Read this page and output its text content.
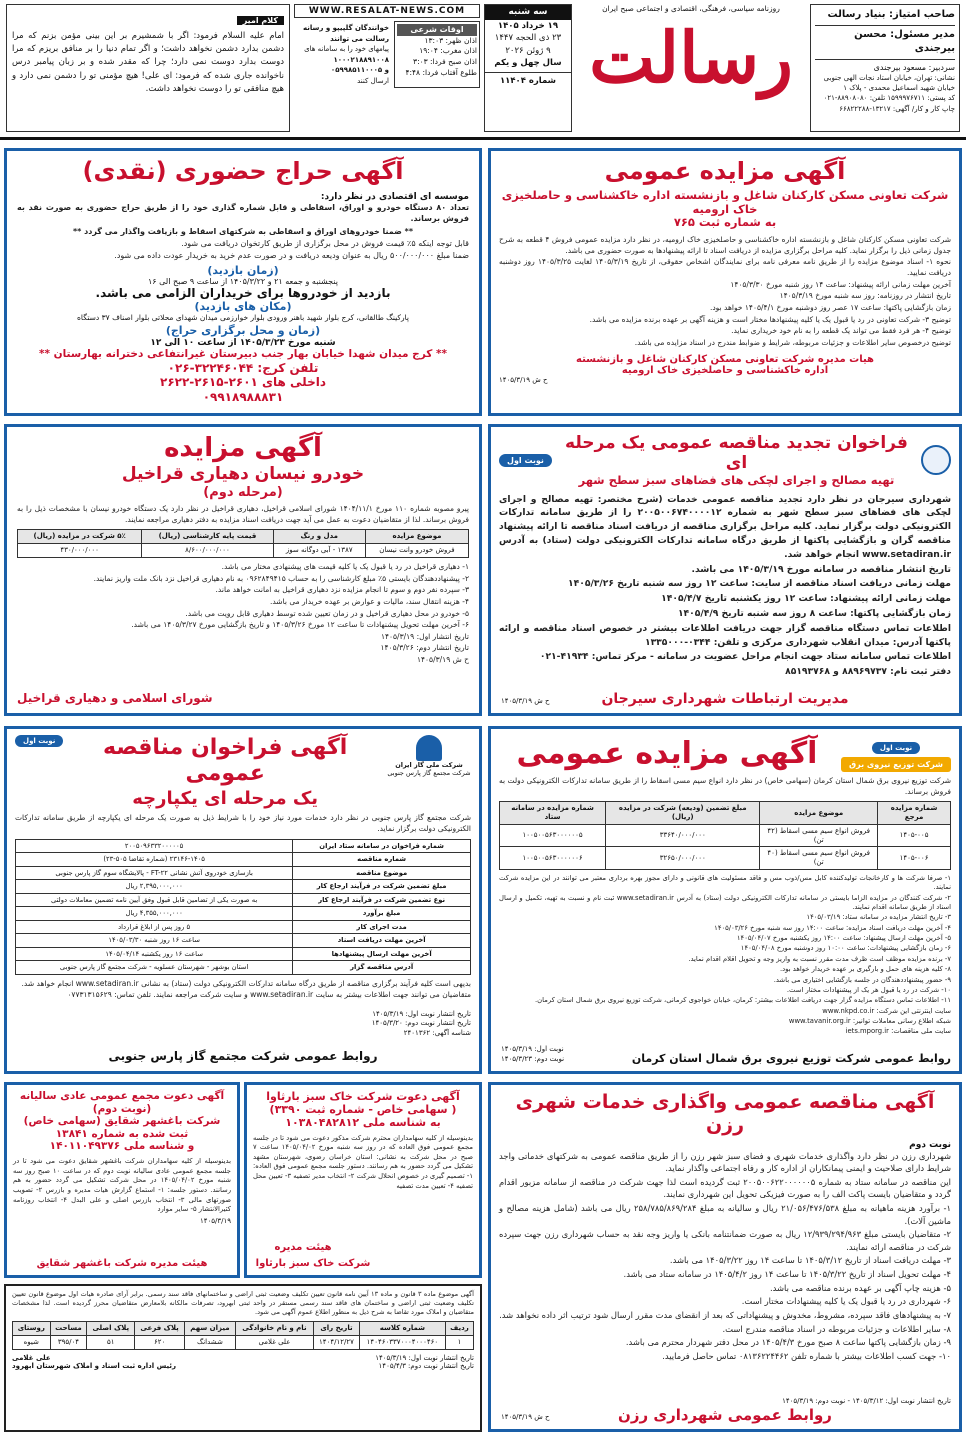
صاحب امتیاز: بنیاد رسالت
مدیر مسئول: محسن بیرجندی
سردبیر: مسعود بیرجندی
نشانی: تهران، خیابان استاد نجات الهی جنوبی
خیابان شهید اسماعیل محمدی - پلاک ۱
کد پستی: ۱۵۹۹۹۷۶۷۱۱ تلفن: ۸۸۹۰۸۰۸۰-۰۲۱
چاپ کار و کار/ آگهی: ۱۳۲۱۷-۶۶۸۲۲۲۸۸
روزنامه سیاسی، فرهنگی، اقتصادی و اجتماعی صبح ایران
رسالت
سه شنبه
۱۹ خرداد ۱۴۰۵
۲۳ ذی الحجه ۱۴۴۷
۹ ژوئن ۲۰۲۶
سال چهل و یکم
شماره ۱۱۴۰۴
WWW.RESALAT-NEWS.COM
اوقات شرعی
اذان ظهر: ۱۳:۰۳
اذان مغرب: ۱۹:۰۴
اذان صبح فردا: ۳:۰۳
طلوع آفتاب فردا: ۴:۴۸
خوانندگان گلپیپو و رسانه رسالت می توانند
پیامهای خود را به سامانه های
۱۰۰۰۲۱۸۸۹۱۰۰۸
و ۰۵۹۹۸۵۱۱۰۰۰۵
ارسال کنند
کلام امیر
امام علیه السلام فرمود: اگر با شمشیرم بر این بینی مؤمن بزنم که مرا دشمن بدارد دشمن نخواهد داشت؛ و اگر تمام دنیا را بر منافق بریزم که مرا دوست بدارد دوست نمی دارد؛ چرا که مقدر شده و بر زبان پیامبر درس ناخوانده جاری شده که فرمود: ای علی! هیچ مؤمنی تو را دشمن نمی دارد و هیچ منافقی تو را دوست نخواهد داشت.
آگهی مزایده عمومی
شرکت تعاونی مسکن کارکنان شاغل و بازنشسته اداره خاکشناسی و حاصلخیزی خاک ارومیه
به شماره ثبت ۷۶۵

شرکت تعاونی مسکن کارکنان شاغل و بازنشسته اداره خاکشناسی و حاصلخیزی خاک ارومیه، در نظر دارد مزایده عمومی فروش ۴ قطعه به شرح جدول زمانی ذیل را برگزار نماید. کلیه مراحل برگزاری مزایده از دریافت اسناد تا ارائه پیشنهادها به صورت حضوری می باشد.

نحوه ۱- اسناد موضوع مزایده را از طریق نامه معرفی نامه برای نمایندگان اشخاص حقوقی، از تاریخ ۱۴۰۵/۳/۱۹ لغایت ۱۴۰۵/۳/۲۵ روز دوشنبه دریافت نمایید.

آخرین مهلت زمانی ارائه پیشنهاد: ساعت ۱۴ روز شنبه مورخ ۱۴۰۵/۳/۳۰

تاریخ انتشار در روزنامه: روز سه شنبه مورخ ۱۴۰۵/۳/۱۹

زمان بازگشایی پاکتها: ساعت ۱۷ عصر روز دوشنبه مورخ ۱۴۰۵/۴/۱ خواهد بود.

توضیح ۳- شرکت تعاونی در رد یا قبول یک یا کلیه پیشنهادها مختار است و هزینه آگهی بر عهده برنده مزایده می باشد.

توضیح ۴- هر فرد فقط می تواند یک قطعه را به نام خود خریداری نماید.

توضیح درخصوص سایر اطلاعات و جزئیات مربوطه، شرایط و ضوابط مندرج در اسناد مزایده می باشد.

هیات مدیره شرکت تعاونی مسکن کارکنان شاغل و بازنشسته
اداره خاکشناسی و حاصلخیزی خاک ارومیه
ح ش ۱۴۰۵/۳/۱۹
آگهی حراج حضوری (نقدی)
موسسه ای اقتصادی در نظر دارد:

تعداد ۸۰ دستگاه خودرو و اوراق، اسقاطی و قابل شماره گذاری خود را از طریق حراج حضوری به صورت نقد به فروش برساند.

** ضمنا خودروهای اوراق و اسقاطی به شرکتهای اسقاط و بازیافت واگذار می گردد **

قابل توجه اینکه ۵٪ قیمت فروش در محل برگزاری از طریق کارتخوان دریافت می شود.

ضمنا مبلغ ۵۰۰/۰۰۰/۰۰۰ ریال به عنوان ودیعه دریافت و در صورت عدم خرید به خریدار عودت داده می شود.

(زمان بازدید)
پنجشنبه و جمعه ۲۱ و ۱۴۰۵/۳/۲۲ از ساعت ۹ صبح الی ۱۶
بازدید از خودروها برای خریداران الزامی می باشد.
(مکان های بازدید)
پارکینگ طالقانی، کرج بلوار شهید باهنر ورودی بلوار خوارزمی میدان شهدای محلاتی بلوار اصناف ۳۷ دستگاه
(زمان و محل برگزاری حراج)
شنبه مورخ ۱۴۰۵/۳/۲۳ از ساعت ۱۰ الی ۱۲
** کرج میدان شهدا خیابان بهار جنب دبیرستان غیرانتفاعی دخترانه بهارستان **
تلفن کرج: ۳۲۲۴۶۰۴۴-۰۲۶
داخلی های ۲۶۰۱-۲۶۱۵-۲۶۲۲
۰۹۹۱۸۹۸۸۸۳۱
فراخوان تجدید مناقصه عمومی یک مرحله ای
تهیه مصالح و اجرای لچکی های فضاهای سبز سطح شهر
نوبت اول

شهرداری سیرجان در نظر دارد تجدید مناقصه عمومی خدمات (شرح مختصر: تهیه مصالح و اجرای لچکی های فضاهای سبز سطح شهر به شماره ۲۰۰۵۰۰۶۷۴۰۰۰۰۱۲ را از طریق سامانه تدارکات الکترونیکی دولت برگزار نماید. کلیه مراحل برگزاری مناقصه از دریافت اسناد مناقصه تا ارائه پیشنهاد مناقصه گران و بازگشایی پاکتها از طریق درگاه سامانه تدارکات الکترونیکی دولت (ستاد) به آدرس www.setadiran.ir انجام خواهد شد.

تاریخ انتشار مناقصه در سامانه مورخ ۱۴۰۵/۳/۱۹ می باشد.

مهلت زمانی دریافت اسناد مناقصه از سایت: ساعت ۱۲ روز سه شنبه تاریخ ۱۴۰۵/۳/۲۶

مهلت زمانی ارائه پیشنهاد: ساعت ۱۲ روز یکشنبه تاریخ ۱۴۰۵/۴/۷

زمان بازگشایی پاکتها: ساعت ۸ روز سه شنبه تاریخ ۱۴۰۵/۴/۹

اطلاعات تماس دستگاه مناقصه گزار جهت دریافت اطلاعات بیشتر در خصوص اسناد مناقصه و ارائه پاکتها آدرس: میدان انقلاب شهرداری مرکزی و تلفن: ۰۳۴۴-۱۳۳۵۰۰۰

اطلاعات تماس سامانه ستاد جهت انجام مراحل عضویت در سامانه - مرکز تماس: ۴۱۹۳۴-۰۲۱

دفتر ثبت نام: ۸۸۹۶۹۷۳۷ و ۸۵۱۹۳۷۶۸

مدیریت ارتباطات شهرداری سیرجان
ح ش ۱۴۰۵/۳/۱۹
آگهی مزایده
خودرو نیسان دهیاری قراخیل
(مرحله دوم)
پیرو مصوبه شماره ۱۱۰ مورخ ۱۴۰۴/۱۱/۱ شورای اسلامی قراخیل، دهیاری قراخیل در نظر دارد یک دستگاه خودرو نیسان با مشخصات ذیل را به فروش برساند. لذا از متقاضیان دعوت به عمل می آید جهت دریافت اسناد مزایده به دفتر دهیاری مراجعه نمایند.
موضوع مزایده	مدل و رنگ	قیمت پایه کارشناسی (ریال)	۵٪ شرکت در مزایده (ریال)
فروش خودرو وانت نیسان	۱۳۸۷ - آبی دوگانه سوز	۸/۶۰۰/۰۰۰/۰۰۰	۴۳۰/۰۰۰/۰۰۰

۱- دهیاری قراخیل در رد یا قبول یک یا کلیه قیمت های پیشنهادی مختار می باشد.

۲- پیشنهاددهندگان بایستی ۵٪ مبلغ کارشناسی را به حساب ۰۹۶۲۸۴۹۴۱۵ به نام دهیاری قراخیل نزد بانک ملت واریز نمایند.

۳- سپرده نفر دوم و سوم تا انجام مزایده نزد دهیاری قراخیل به امانت خواهد ماند.

۴- هزینه انتقال سند، مالیات و عوارض بر عهده خریدار می باشد.

۵- خودرو در محل دهیاری قراخیل و در زمان تعیین شده توسط دهیاری قابل رویت می باشد.

۶- آخرین مهلت تحویل پیشنهادات تا ساعت ۱۲ مورخ ۱۴۰۵/۳/۲۶ و تاریخ بازگشایی مورخ ۱۴۰۵/۳/۲۷ می باشد.

تاریخ انتشار اول: ۱۴۰۵/۳/۱۹

تاریخ انتشار دوم: ۱۴۰۵/۳/۲۶

ح ش ۱۴۰۵/۳/۱۹

شورای اسلامی و دهیاری قراخیل
نوبت اول
شرکت توزیع نیروی برق
آگهی مزایده عمومی
شرکت توزیع نیروی برق شمال استان کرمان (سهامی خاص) در نظر دارد انواع سیم مسی اسقاط را از طریق سامانه تدارکات الکترونیکی دولت به فروش برساند.
شماره مزایده مرجع	موضوع مزایده	مبلغ تضمین (ودیعه) شرکت در مزایده (ریال)	شماره مزایده در سامانه ستاد
۱۴۰۵-۰۰۵	فروش انواع سیم مسی اسقاط (۴۲ تن)	۳۳۶۴۰/۰۰۰/۰۰۰	۱۰۰۵۰۰۵۶۳۰۰۰۰۰۰۵
۱۴۰۵-۰۰۶	فروش انواع سیم مسی اسقاط (۴۰ تن)	۳۲۶۵۰/۰۰۰/۰۰۰	۱۰۰۵۰۰۵۶۳۰۰۰۰۰۰۶

۱- صرفا شرکت ها و کارخانجات تولیدکننده کابل مس/ذوب مس و فاقد مسئولیت های قانونی و دارای مجوز بهره برداری معتبر می توانند در این مزایده شرکت نمایند.

۲- شرکت کنندگان در مزایده الزاما بایستی در سامانه تدارکات الکترونیکی دولت (ستاد) به آدرس www.setadiran.ir ثبت نام و نسبت به تهیه، تکمیل و ارسال اسناد از طریق سامانه اقدام نمایند.

۳- تاریخ انتشار مزایده در سامانه ستاد: ۱۴۰۵/۰۳/۱۹

۴- آخرین مهلت دریافت اسناد مزایده: ساعت ۱۴:۰۰ روز سه شنبه مورخ ۱۴۰۵/۰۳/۲۶

۵- آخرین مهلت ارسال پیشنهاد: ساعت ۱۴:۰۰ روز یکشنبه مورخ ۱۴۰۵/۰۴/۰۷

۶- زمان بازگشایی پیشنهادات: ساعت ۱۰:۰۰ روز دوشنبه مورخ ۱۴۰۵/۰۴/۰۸

۷- برنده مزایده موظف است ظرف مدت مقرر نسبت به واریز وجه و تحویل اقلام اقدام نماید.

۸- کلیه هزینه های حمل و بارگیری بر عهده خریدار خواهد بود.

۹- حضور پیشنهاددهندگان در جلسه بازگشایی اختیاری می باشد.

۱۰- شرکت در رد یا قبول هر یک از پیشنهادات مختار است.

۱۱- اطلاعات تماس دستگاه مزایده گزار جهت دریافت اطلاعات بیشتر: کرمان، خیابان خواجوی کرمانی، شرکت توزیع نیروی برق شمال استان کرمان.

سایت اینترنتی این شرکت: www.nkpd.co.ir

شبکه اطلاع رسانی معاملات توانیر: www.tavanir.org.ir

سایت ملی مناقصات: iets.mporg.ir

روابط عمومی شرکت توزیع نیروی برق شمال استان کرمان
نوبت اول: ۱۴۰۵/۳/۱۹
نوبت دوم: ۱۴۰۵/۳/۲۳
شرکت ملی گاز ایران
شرکت مجتمع گاز پارس جنوبی
آگهی فراخوان مناقصه عمومی
یک مرحله ای یکپارچه
نوبت اول
شرکت مجتمع گاز پارس جنوبی در نظر دارد خدمات مورد نیاز خود را با شرایط ذیل به صورت یک مرحله ای یکپارچه از طریق سامانه تدارکات الکترونیکی دولت برگزار نماید.
شماره فراخوان در سامانه ستاد ایران	۲۰۰۵۰۹۶۳۳۲۰۰۰۰۰۵
شماره مناقصه	۲۳۱۴۶-۱۴۰۵ (شماره تقاضا ۵۰۵-۲۳)
موضوع مناقصه	بازسازی خودروی آتش نشانی FT-۲۲ - پالایشگاه سوم گاز پارس جنوبی
مبلغ تضمین شرکت در فرآیند ارجاع کار	۲,۳۹۵,۰۰۰,۰۰۰ ریال
نوع تضمین شرکت در فرآیند ارجاع کار	به صورت یکی از تضامین قابل قبول وفق آیین نامه تضمین معاملات دولتی
مبلغ برآورد	۴,۳۵۵,۰۰۰,۰۰۰ ریال
مدت اجرای کار	۵ روز پس از ابلاغ قرارداد
آخرین مهلت دریافت اسناد	ساعت ۱۶ روز شنبه ۱۴۰۵/۰۳/۳۰
آخرین مهلت ارسال پیشنهادها	ساعت ۱۶ روز یکشنبه ۱۴۰۵/۰۴/۱۴
آدرس مناقصه گزار	استان بوشهر - شهرستان عسلویه - شرکت مجتمع گاز پارس جنوبی

بدیهی است کلیه فرآیند برگزاری مناقصه از طریق درگاه سامانه تدارکات الکترونیکی دولت (ستاد) به نشانی www.setadiran.ir انجام خواهد شد.

متقاضیان می توانند جهت اطلاعات بیشتر به سایت www.setadiran.ir و سایت شرکت مراجعه نمایند. تلفن تماس: ۰۷۷۳۱۳۱۵۶۲۹

تاریخ انتشار نوبت اول: ۱۴۰۵/۳/۱۹
تاریخ انتشار نوبت دوم: ۱۴۰۵/۳/۲۰
شناسه آگهی: ۲۴۰۱۳۶۲
روابط عمومی شرکت مجتمع گاز پارس جنوبی
آگهی مناقصه عمومی واگذاری خدمات شهری رزن
نوبت دوم

شهرداری رزن در نظر دارد واگذاری خدمات شهری و فضای سبز شهر رزن را از طریق مناقصه عمومی به شرکتهای خدماتی واجد شرایط دارای صلاحیت و ایمنی پیمانکاران از اداره کار و رفاه اجتماعی واگذار نماید.

این مناقصه در سامانه ستاد به شماره ۲۰۰۵۰۰۶۲۲۰۰۰۰۰۰۵ ثبت گردیده است لذا جهت شرکت در مناقصه از سامانه مزبور اقدام گردد و متقاضیان بایست پاکت الف را به صورت فیزیکی تحویل این شهرداری نمایند.

۱- برآورد هزینه ماهیانه به مبلغ ۲۱/۰۵۶/۴۷۶/۵۳۸ ریال و سالیانه به مبلغ ۲۵۸/۷۸۵/۸۶۹/۲۸۴ ریال می باشد (شامل هزینه مصالح و ماشین آلات).

۲- متقاضیان بایستی مبلغ ۱۲/۹۳۹/۲۹۴/۹۶۳ ریال به صورت ضمانتنامه بانکی یا واریز وجه نقد به حساب شهرداری رزن جهت سپرده شرکت در مناقصه ارائه نمایند.

۳- مهلت دریافت اسناد از تاریخ ۱۴۰۵/۳/۱۲ تا ساعت ۱۴ روز ۱۴۰۵/۳/۲۲ می باشد.

۴- مهلت تحویل اسناد از تاریخ ۱۴۰۵/۳/۲۲ تا ساعت ۱۴ روز ۱۴۰۵/۴/۲ در سامانه ستاد می باشد.

۵- هزینه چاپ آگهی بر عهده برنده مناقصه می باشد.

۶- شهرداری در رد یا قبول یک یا کلیه پیشنهادات مختار است.

۷- به پیشنهادهای فاقد سپرده، مشروط، مخدوش و پیشنهاداتی که بعد از انقضای مدت مقرر ارسال شود ترتیب اثر داده نخواهد شد.

۸- سایر اطلاعات و جزئیات مربوطه در اسناد مناقصه مندرج است.

۹- زمان بازگشایی پاکتها ساعت ۸ صبح مورخ ۱۴۰۵/۴/۳ در محل دفتر شهردار محترم می باشد.

۱۰- جهت کسب اطلاعات بیشتر با شماره تلفن ۰۸۱۳۶۲۲۴۴۶۲ تماس حاصل فرمایید.

تاریخ انتشار نوبت اول: ۱۴۰۵/۳/۱۲ - نوبت دوم: ۱۴۰۵/۳/۱۹
روابط عمومی شهرداری رزن
ح ش ۱۴۰۵/۳/۱۹
آگهی دعوت مجمع عمومی عادی سالیانه (نوبت دوم)
شرکت باغشهر شقایق (سهامی خاص)
ثبت شده به شماره ۱۳۸۴۱
و شناسه ملی ۱۴۰۱۱۰۴۹۳۷۶
بدینوسیله از کلیه سهامداران شرکت باغشهر شقایق دعوت می شود تا در جلسه مجمع عمومی عادی سالیانه نوبت دوم که در ساعت ۱۰ صبح روز سه شنبه مورخ ۱۴۰۵/۰۴/۰۲ در محل شرکت تشکیل می گردد حضور به هم رسانند. دستور جلسه: ۱- استماع گزارش هیات مدیره و بازرس ۲- تصویب صورتهای مالی ۳- انتخاب بازرس اصلی و علی البدل ۴- انتخاب روزنامه کثیرالانتشار ۵- سایر موارد
۱۴۰۵/۳/۱۹
هیئت مدیره شرکت باغشهر شقایق
آگهی دعوت شرکت خاک سبز بارثاوا
( سهامی خاص - شماره ثبت ۳۳۹۰)
به شناسه ملی ۱۰۳۸۰۴۸۲۸۱۲
بدینوسیله از کلیه سهامداران محترم شرکت مذکور دعوت می شود تا در جلسه مجمع عمومی فوق العاده که در روز سه شنبه مورخ ۱۴۰۵/۰۴/۰۲ ساعت ۷ صبح در محل شرکت به نشانی: استان خراسان رضوی، شهرستان مشهد تشکیل می گردد حضور به هم رسانند. دستور جلسه مجمع عمومی فوق العاده: ۱- تصمیم گیری در خصوص انحلال شرکت ۲- انتخاب مدیر تصفیه ۳- تعیین محل تصفیه ۴- تعیین مدت تصفیه
هیئت مدیره
شرکت خاک سبز بارثاوا
آگهی موضوع ماده ۳ قانون و ماده ۱۳ آیین نامه قانون تعیین تکلیف وضعیت ثبتی اراضی و ساختمانهای فاقد سند رسمی. برابر آرای صادره هیات اول موضوع قانون تعیین تکلیف وضعیت ثبتی اراضی و ساختمان های فاقد سند رسمی مستقر در واحد ثبتی ابهرود، تصرفات مالکانه بلامعارض متقاضیان محرز گردیده است. لذا مشخصات متقاضیان و املاک مورد تقاضا به شرح ذیل به منظور اطلاع عموم آگهی می شود.
ردیف	شماره کلاسه	تاریخ رای	نام و نام خانوادگی	میزان سهم	پلاک فرعی	پلاک اصلی	مساحت	روستای
۱	۱۴۰۴۶۰۳۳۷۰۰۰۴۰۰۰۴۶۰	۱۴۰۴/۱۲/۲۷	علی غلامی	ششدانگ	۶۲۰	۵۱	۳۹۵/۰۴	شیوه
تاریخ انتشار نوبت اول: ۱۴۰۵/۳/۱۹
تاریخ انتشار نوبت دوم: ۱۴۰۵/۴/۳
علی غلامی
رئیس اداره ثبت اسناد و املاک شهرستان ابهرود
